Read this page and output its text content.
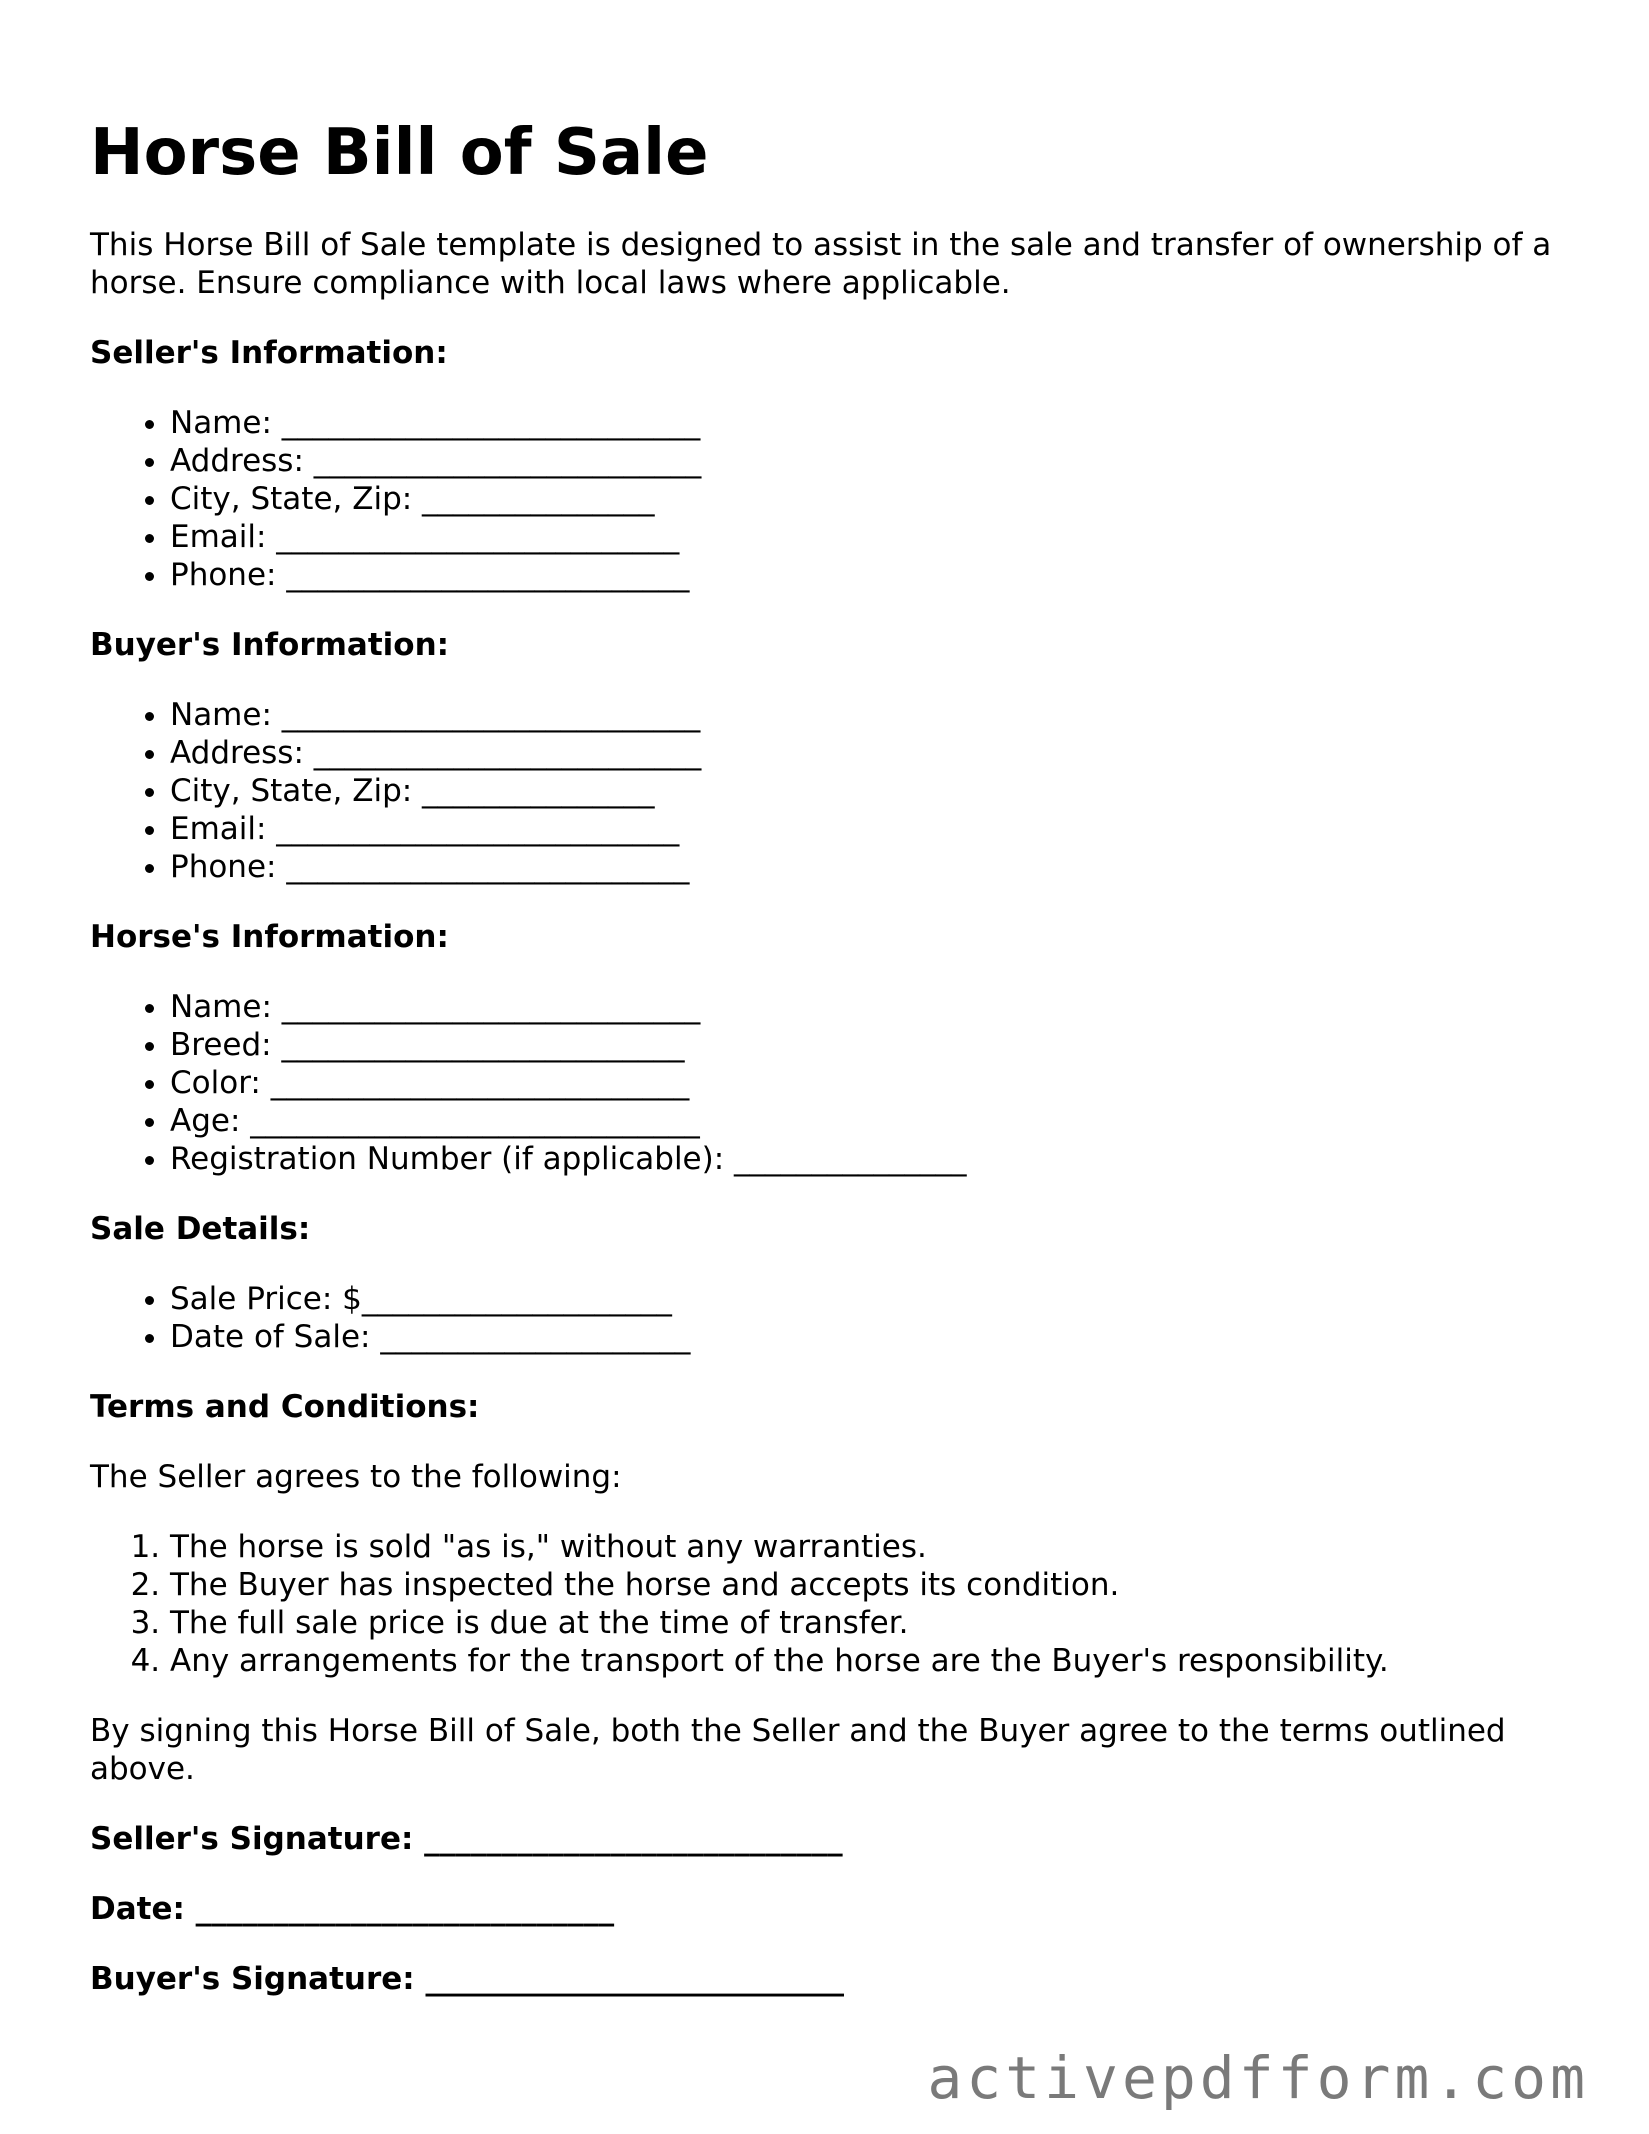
Horse Bill of Sale

This Horse Bill of Sale template is designed to assist in the sale and transfer of ownership of a horse. Ensure compliance with local laws where applicable.

Seller's Information:
• Name: ___________________________
• Address: _________________________
• City, State, Zip: _______________
• Email: __________________________
• Phone: __________________________
Buyer's Information:
• Name: ___________________________
• Address: _________________________
• City, State, Zip: _______________
• Email: __________________________
• Phone: __________________________
Horse's Information:
• Name: ___________________________
• Breed: __________________________
• Color: ___________________________
• Age: _____________________________
• Registration Number (if applicable): _______________
Sale Details:
• Sale Price: $____________________
• Date of Sale: ____________________
Terms and Conditions:

The Seller agrees to the following:

1. The horse is sold "as is," without any warranties.
2. The Buyer has inspected the horse and accepts its condition.
3. The full sale price is due at the time of transfer.
4. Any arrangements for the transport of the horse are the Buyer's responsibility.

By signing this Horse Bill of Sale, both the Seller and the Buyer agree to the terms outlined above.

Seller's Signature: ___________________________
Date: ___________________________
Buyer's Signature: ___________________________
activepdfform.com
